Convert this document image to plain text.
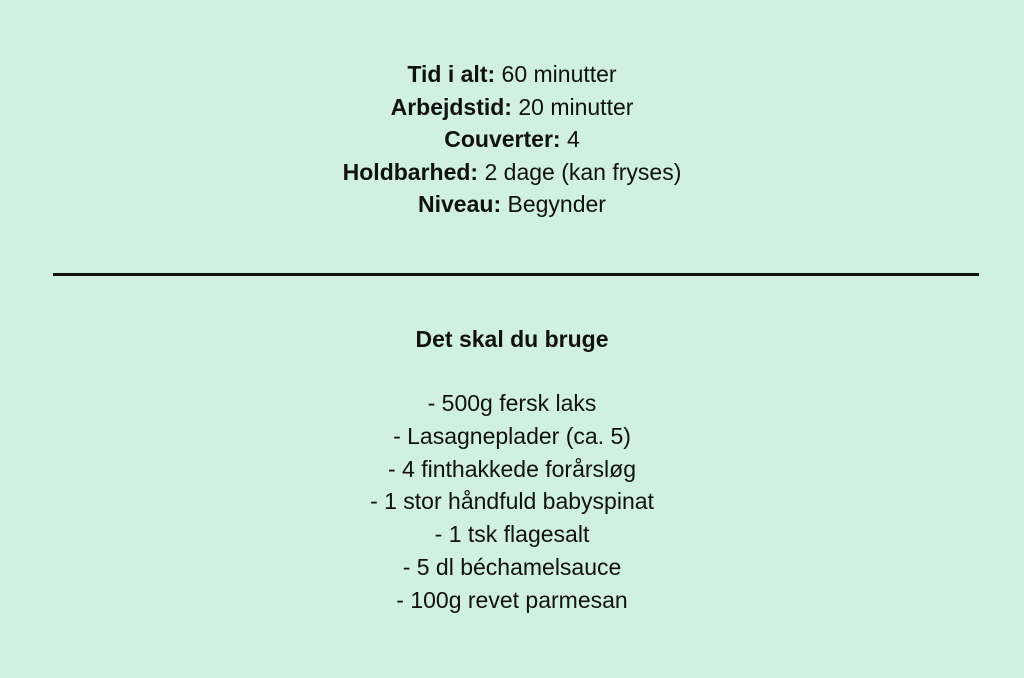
Tid i alt: 60 minutter
Arbejdstid: 20 minutter
Couverter: 4
Holdbarhed: 2 dage (kan fryses)
Niveau: Begynder
Det skal du bruge
- 500g fersk laks
- Lasagneplader (ca. 5)
- 4 finthakkede forårsløg
- 1 stor håndfuld babyspinat
- 1 tsk flagesalt
- 5 dl béchamelsauce
- 100g revet parmesan
